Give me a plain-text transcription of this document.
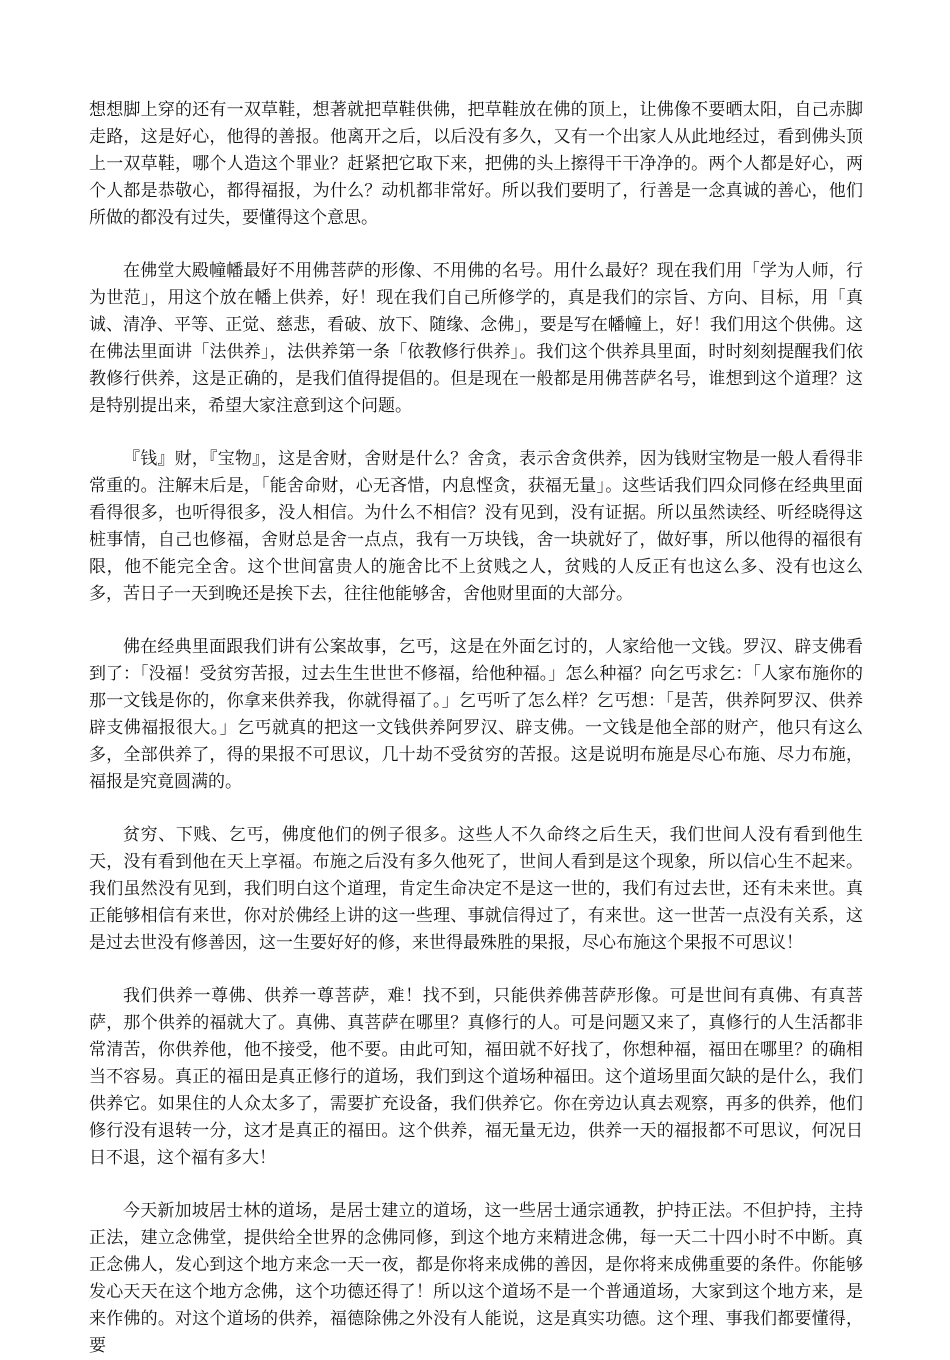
想想脚上穿的还有一双草鞋，想著就把草鞋供佛，把草鞋放在佛的顶上，让佛像不要晒太阳，自己赤脚走路，这是好心，他得的善报。他离开之后，以后没有多久，又有一个出家人从此地经过，看到佛头顶上一双草鞋，哪个人造这个罪业？赶紧把它取下来，把佛的头上擦得干干净净的。两个人都是好心，两个人都是恭敬心，都得福报，为什么？动机都非常好。所以我们要明了，行善是一念真诚的善心，他们所做的都没有过失，要懂得这个意思。

在佛堂大殿幢幡最好不用佛菩萨的形像、不用佛的名号。用什么最好？现在我们用「学为人师，行为世范」，用这个放在幡上供养，好！现在我们自己所修学的，真是我们的宗旨、方向、目标，用「真诚、清净、平等、正觉、慈悲，看破、放下、随缘、念佛」，要是写在幡幢上，好！我们用这个供佛。这在佛法里面讲「法供养」，法供养第一条「依教修行供养」。我们这个供养具里面，时时刻刻提醒我们依教修行供养，这是正确的，是我们值得提倡的。但是现在一般都是用佛菩萨名号，谁想到这个道理？这是特别提出来，希望大家注意到这个问题。

『钱』财，『宝物』，这是舍财，舍财是什么？舍贪，表示舍贪供养，因为钱财宝物是一般人看得非常重的。注解末后是，「能舍命财，心无吝惜，内息悭贪，获福无量」。这些话我们四众同修在经典里面看得很多，也听得很多，没人相信。为什么不相信？没有见到，没有证据。所以虽然读经、听经晓得这桩事情，自己也修福，舍财总是舍一点点，我有一万块钱，舍一块就好了，做好事，所以他得的福很有限，他不能完全舍。这个世间富贵人的施舍比不上贫贱之人，贫贱的人反正有也这么多、没有也这么多，苦日子一天到晚还是挨下去，往往他能够舍，舍他财里面的大部分。

佛在经典里面跟我们讲有公案故事，乞丐，这是在外面乞讨的，人家给他一文钱。罗汉、辟支佛看到了：「没福！受贫穷苦报，过去生生世世不修福，给他种福。」怎么种福？向乞丐求乞：「人家布施你的那一文钱是你的，你拿来供养我，你就得福了。」乞丐听了怎么样？乞丐想：「是苦，供养阿罗汉、供养辟支佛福报很大。」乞丐就真的把这一文钱供养阿罗汉、辟支佛。一文钱是他全部的财产，他只有这么多，全部供养了，得的果报不可思议，几十劫不受贫穷的苦报。这是说明布施是尽心布施、尽力布施，福报是究竟圆满的。

贫穷、下贱、乞丐，佛度他们的例子很多。这些人不久命终之后生天，我们世间人没有看到他生天，没有看到他在天上享福。布施之后没有多久他死了，世间人看到是这个现象，所以信心生不起来。我们虽然没有见到，我们明白这个道理，肯定生命决定不是这一世的，我们有过去世，还有未来世。真正能够相信有来世，你对於佛经上讲的这一些理、事就信得过了，有来世。这一世苦一点没有关系，这是过去世没有修善因，这一生要好好的修，来世得最殊胜的果报，尽心布施这个果报不可思议！

我们供养一尊佛、供养一尊菩萨，难！找不到，只能供养佛菩萨形像。可是世间有真佛、有真菩萨，那个供养的福就大了。真佛、真菩萨在哪里？真修行的人。可是问题又来了，真修行的人生活都非常清苦，你供养他，他不接受，他不要。由此可知，福田就不好找了，你想种福，福田在哪里？的确相当不容易。真正的福田是真正修行的道场，我们到这个道场种福田。这个道场里面欠缺的是什么，我们供养它。如果住的人众太多了，需要扩充设备，我们供养它。你在旁边认真去观察，再多的供养，他们修行没有退转一分，这才是真正的福田。这个供养，福无量无边，供养一天的福报都不可思议，何况日日不退，这个福有多大！

今天新加坡居士林的道场，是居士建立的道场，这一些居士通宗通教，护持正法。不但护持，主持正法，建立念佛堂，提供给全世界的念佛同修，到这个地方来精进念佛，每一天二十四小时不中断。真正念佛人，发心到这个地方来念一天一夜，都是你将来成佛的善因，是你将来成佛重要的条件。你能够发心天天在这个地方念佛，这个功德还得了！所以这个道场不是一个普通道场，大家到这个地方来，是来作佛的。对这个道场的供养，福德除佛之外没有人能说，这是真实功德。这个理、事我们都要懂得，要
